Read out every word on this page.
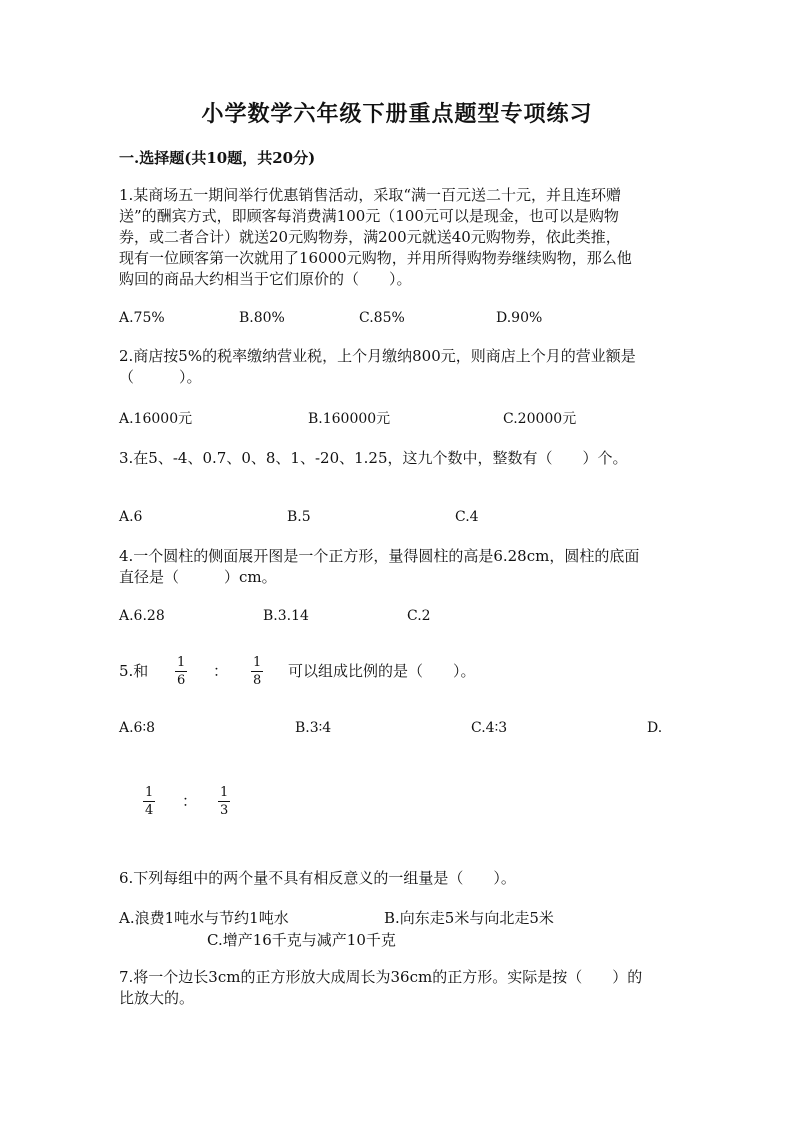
小学数学六年级下册重点题型专项练习
一.选择题(共10题，共20分)
1.某商场五一期间举行优惠销售活动，采取“满一百元送二十元，并且连环赠
送”的酬宾方式，即顾客每消费满100元（100元可以是现金，也可以是购物
券，或二者合计）就送20元购物券，满200元就送40元购物券，依此类推，
现有一位顾客第一次就用了16000元购物，并用所得购物券继续购物，那么他
购回的商品大约相当于它们原价的（　　）。
A.75%	B.80%	C.85%	D.90%
2.商店按5%的税率缴纳营业税，上个月缴纳800元，则商店上个月的营业额是
（　　　）。
A.16000元	B.160000元	C.20000元
3.在5、-4、0.7、0、8、1、-20、1.25，这九个数中，整数有（　　）个。
A.6	B.5	C.4
4.一个圆柱的侧面展开图是一个正方形，量得圆柱的高是6.28cm，圆柱的底面
直径是（　　　）cm。
A.6.28	B.3.14	C.2
5.和 1
6
： 1
8
可以组成比例的是（　　）。
A.6∶8	B.3∶4	C.4∶3	D.
1
4
： 1
3
6.下列每组中的两个量不具有相反意义的一组量是（　　）。
A.浪费1吨水与节约1吨水	B.向东走5米与向北走5米
C.增产16千克与减产10千克
7.将一个边长3cm的正方形放大成周长为36cm的正方形。实际是按（　　）的
比放大的。
